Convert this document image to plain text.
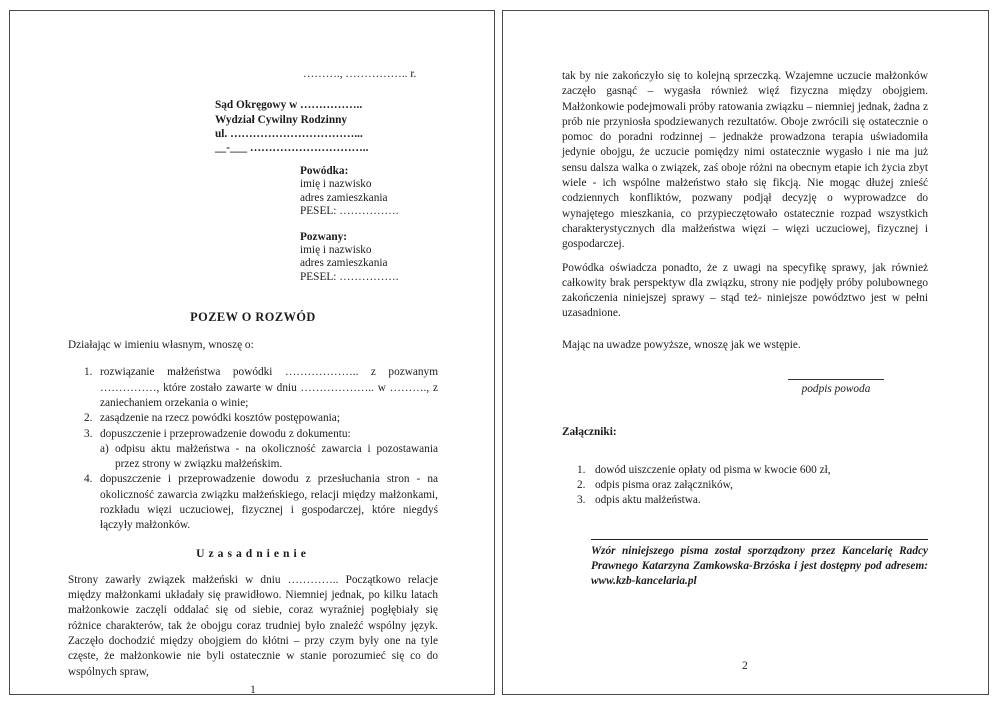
………., …………….. r.
Sąd Okręgowy w ……………..
Wydział Cywilny Rodzinny
ul. ……………………………...
__-___ …………………………..
Powódka:
imię i nazwisko
adres zamieszkania
PESEL: …………….
Pozwany:
imię i nazwisko
adres zamieszkania
PESEL: …………….
POZEW O ROZWÓD
Działając w imieniu własnym, wnoszę o:
1. rozwiązanie małżeństwa powódki ……………….. z pozwanym ……………, które zostało zawarte w dniu ……………….. w ………., z zaniechaniem orzekania o winie;
2. zasądzenie na rzecz powódki kosztów postępowania;
3. dopuszczenie i przeprowadzenie dowodu z dokumentu:
a) odpisu aktu małżeństwa - na okoliczność zawarcia i pozostawania przez strony w związku małżeńskim.
4. dopuszczenie i przeprowadzenie dowodu z przesłuchania stron - na okoliczność zawarcia związku małżeńskiego, relacji między małżonkami, rozkładu więzi uczuciowej, fizycznej i gospodarczej, które niegdyś łączyły małżonków.
Uzasadnienie
Strony zawarły związek małżeński w dniu ………….. Początkowo relacje między małżonkami układały się prawidłowo. Niemniej jednak, po kilku latach małżonkowie zaczęli oddalać się od siebie, coraz wyraźniej pogłębiały się różnice charakterów, tak że obojgu coraz trudniej było znaleźć wspólny język. Zaczęło dochodzić między obojgiem do kłótni – przy czym były one na tyle częste, że małżonkowie nie byli ostatecznie w stanie porozumieć się co do wspólnych spraw,
1
tak by nie zakończyło się to kolejną sprzeczką. Wzajemne uczucie małżonków zaczęło gasnąć – wygasła również więź fizyczna między obojgiem. Małżonkowie podejmowali próby ratowania związku – niemniej jednak, żadna z prób nie przyniosła spodziewanych rezultatów. Oboje zwrócili się ostatecznie o pomoc do poradni rodzinnej – jednakże prowadzona terapia uświadomiła jedynie obojgu, że uczucie pomiędzy nimi ostatecznie wygasło i nie ma już sensu dalsza walka o związek, zaś oboje różni na obecnym etapie ich życia zbyt wiele - ich wspólne małżeństwo stało się fikcją. Nie mogąc dłużej znieść codziennych konfliktów, pozwany podjął decyzję o wyprowadzce do wynajętego mieszkania, co przypieczętowało ostatecznie rozpad wszystkich charakterystycznych dla małżeństwa więzi – więzi uczuciowej, fizycznej i gospodarczej.
Powódka oświadcza ponadto, że z uwagi na specyfikę sprawy, jak również całkowity brak perspektyw dla związku, strony nie podjęły próby polubownego zakończenia niniejszej sprawy – stąd też- niniejsze powództwo jest w pełni uzasadnione.
Mając na uwadze powyższe, wnoszę jak we wstępie.
podpis powoda
Załączniki:
1. dowód uiszczenie opłaty od pisma w kwocie 600 zł,
2. odpis pisma oraz załączników,
3. odpis aktu małżeństwa.
Wzór niniejszego pisma został sporządzony przez Kancelarię Radcy Prawnego Katarzyna Zamkowska-Brzóska i jest dostępny pod adresem: www.kzb-kancelaria.pl
2
